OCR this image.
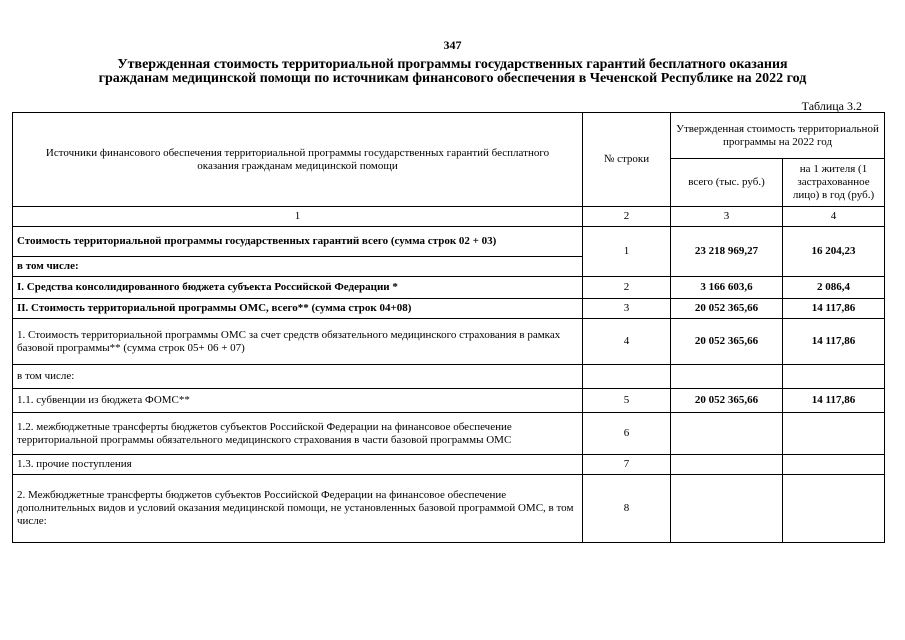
347
Утвержденная стоимость территориальной программы государственных гарантий бесплатного оказания
гражданам медицинской помощи по источникам финансового обеспечения в Чеченской Республике на 2022 год
Таблица 3.2
Источники финансового обеспечения территориальной программы государственных гарантий бесплатного оказания гражданам медицинской помощи	№ строки	Утвержденная стоимость территориальной программы на 2022 год	
		всего (тыс. руб.)	на 1 жителя (1 застрахованное лицо) в год (руб.)
1	2	3	4
Стоимость территориальной программы государственных гарантий всего (сумма строк 02 + 03)	1	23 218 969,27	16 204,23
в том числе:			
I. Средства консолидированного бюджета субъекта Российской Федерации *	2	3 166 603,6	2 086,4
II. Стоимость территориальной программы ОМС, всего** (сумма строк 04+08)	3	20 052 365,66	14 117,86
1. Стоимость территориальной программы ОМС за счет средств обязательного медицинского страхования в рамках базовой программы** (сумма строк 05+ 06 + 07)	4	20 052 365,66	14 117,86
в том числе:			
1.1. субвенции из бюджета ФОМС**	5	20 052 365,66	14 117,86
1.2. межбюджетные трансферты бюджетов субъектов Российской Федерации на финансовое обеспечение территориальной программы обязательного медицинского страхования в части базовой программы ОМС	6		
1.3. прочие поступления	7		
2. Межбюджетные трансферты бюджетов субъектов Российской Федерации на финансовое обеспечение дополнительных видов и условий оказания медицинской помощи, не установленных базовой программой ОМС, в том числе:	8		
